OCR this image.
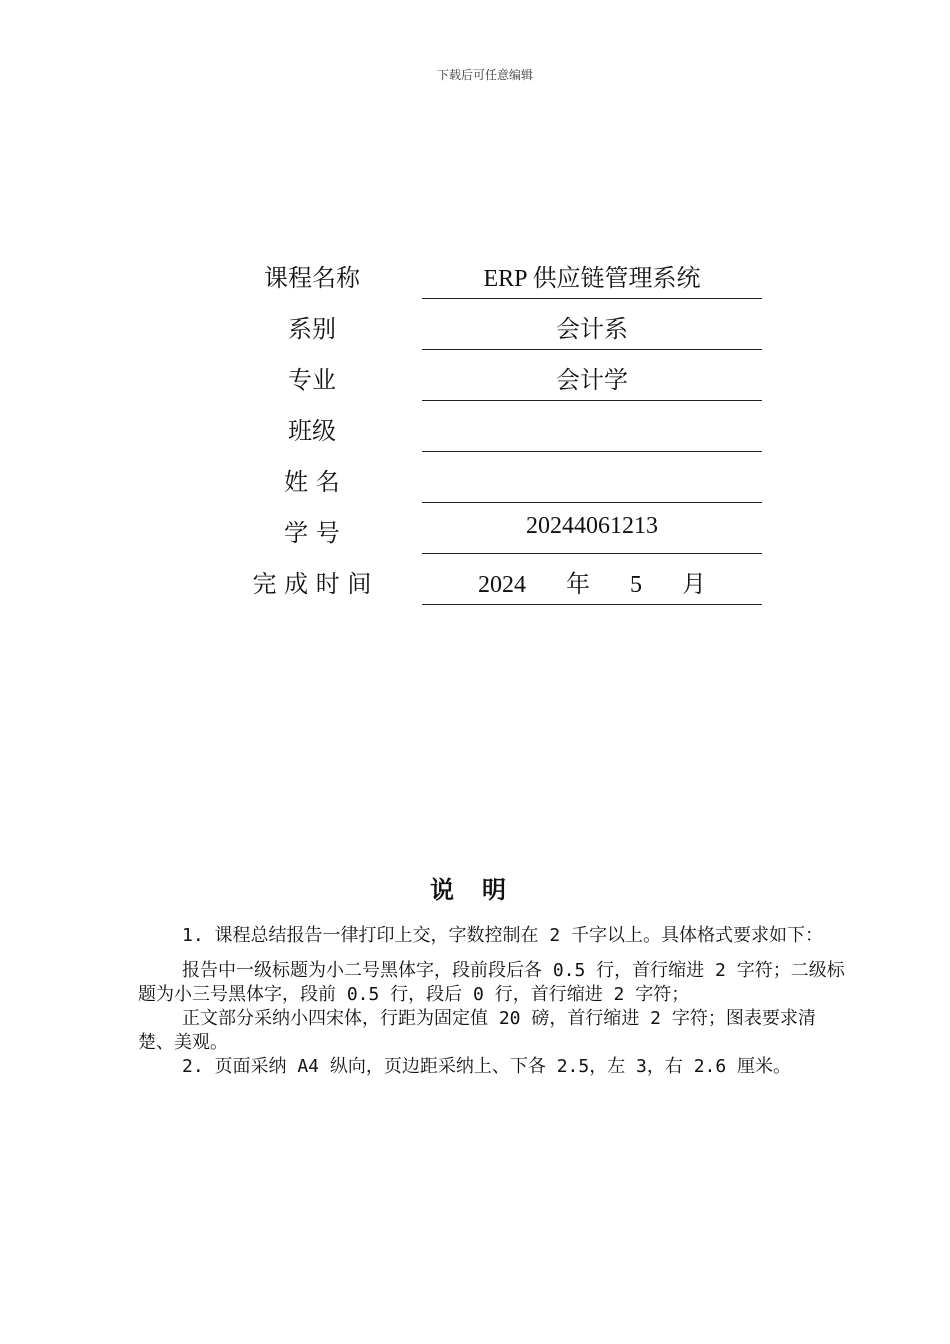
下载后可任意编辑
课程名称	ERP 供应链管理系统
系别	会计系
专业	会计学
班级
姓 名
学 号	20244061213
完 成 时 间	2024 年 5 月
说明

1. 课程总结报告一律打印上交，字数控制在 2 千字以上。具体格式要求如下：

报告中一级标题为小二号黑体字，段前段后各 0.5 行，首行缩进 2 字符；二级标题为小三号黑体字，段前 0.5 行，段后 0 行，首行缩进 2 字符；

正文部分采纳小四宋体，行距为固定值 20 磅，首行缩进 2 字符；图表要求清楚、美观。

2. 页面采纳 A4 纵向，页边距采纳上、下各 2.5，左 3，右 2.6 厘米。
